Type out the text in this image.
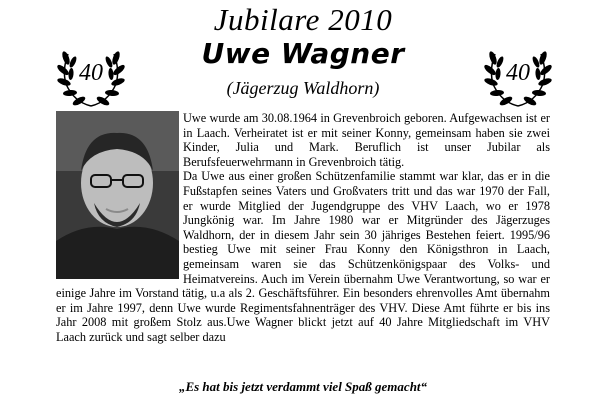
Jubilare 2010
Uwe Wagner
(Jägerzug Waldhorn)
40	40

Uwe wurde am 30.08.1964 in Grevenbroich geboren. Aufgewachsen ist er in Laach. Verheiratet ist er mit seiner Konny, gemeinsam haben sie zwei Kinder, Julia und Mark. Beruflich ist unser Jubilar als Berufsfeuerwehrmann in Grevenbroich tätig.

Da Uwe aus einer großen Schützenfamilie stammt war klar, das er in die Fußstapfen seines Vaters und Großvaters tritt und das war 1970 der Fall, er wurde Mitglied der Jugendgruppe des VHV Laach, wo er 1978 Jungkönig war. Im Jahre 1980 war er Mitgründer des Jägerzuges Waldhorn, der in diesem Jahr sein 30 jähriges Bestehen feiert. 1995/96 bestieg Uwe mit seiner Frau Konny den Königsthron in Laach, gemeinsam waren sie das Schützenkönigspaar des Volks- und Heimatvereins. Auch im Verein übernahm Uwe Verantwortung, so war er einige Jahre im Vorstand tätig, u.a als 2. Geschäftsführer. Ein besonders ehrenvolles Amt übernahm er im Jahre 1997, denn Uwe wurde Regimentsfahnenträger des VHV. Diese Amt führte er bis ins Jahr 2008 mit großem Stolz aus.Uwe Wagner blickt jetzt auf 40 Jahre Mitgliedschaft im VHV Laach zurück und sagt selber dazu

„Es hat bis jetzt verdammt viel Spaß gemacht“
